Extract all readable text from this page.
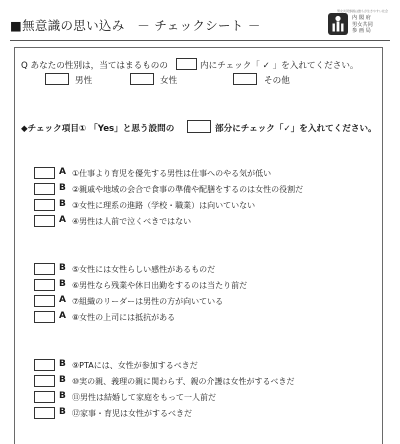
■無意識の思い込み　－ チェックシート －
男女共同参画は誰もが生きやすい社会
内 閣 府
男女共同
参 画 局
Q あなたの性別は，当てはまるものの	内にチェック「 ✓ 」を入れてください。
男性	女性	その他
◆チェック項目① 「Yes」と思う設問の	部分にチェック「✓」を入れてください。
A ①仕事より育児を優先する男性は仕事へのやる気が低い
B ②親戚や地域の会合で食事の準備や配膳をするのは女性の役割だ
B ③女性に理系の進路（学校・職業）は向いていない
A ④男性は人前で泣くべきではない
B ⑤女性には女性らしい感性があるものだ
B ⑥男性なら残業や休日出勤をするのは当たり前だ
A ⑦組織のリーダーは男性の方が向いている
A ⑧女性の上司には抵抗がある
B ⑨PTAには、女性が参加するべきだ
B ⑩実の親、義理の親に関わらず、親の介護は女性がするべきだ
B ⑪男性は結婚して家庭をもって一人前だ
B ⑫家事・育児は女性がするべきだ
